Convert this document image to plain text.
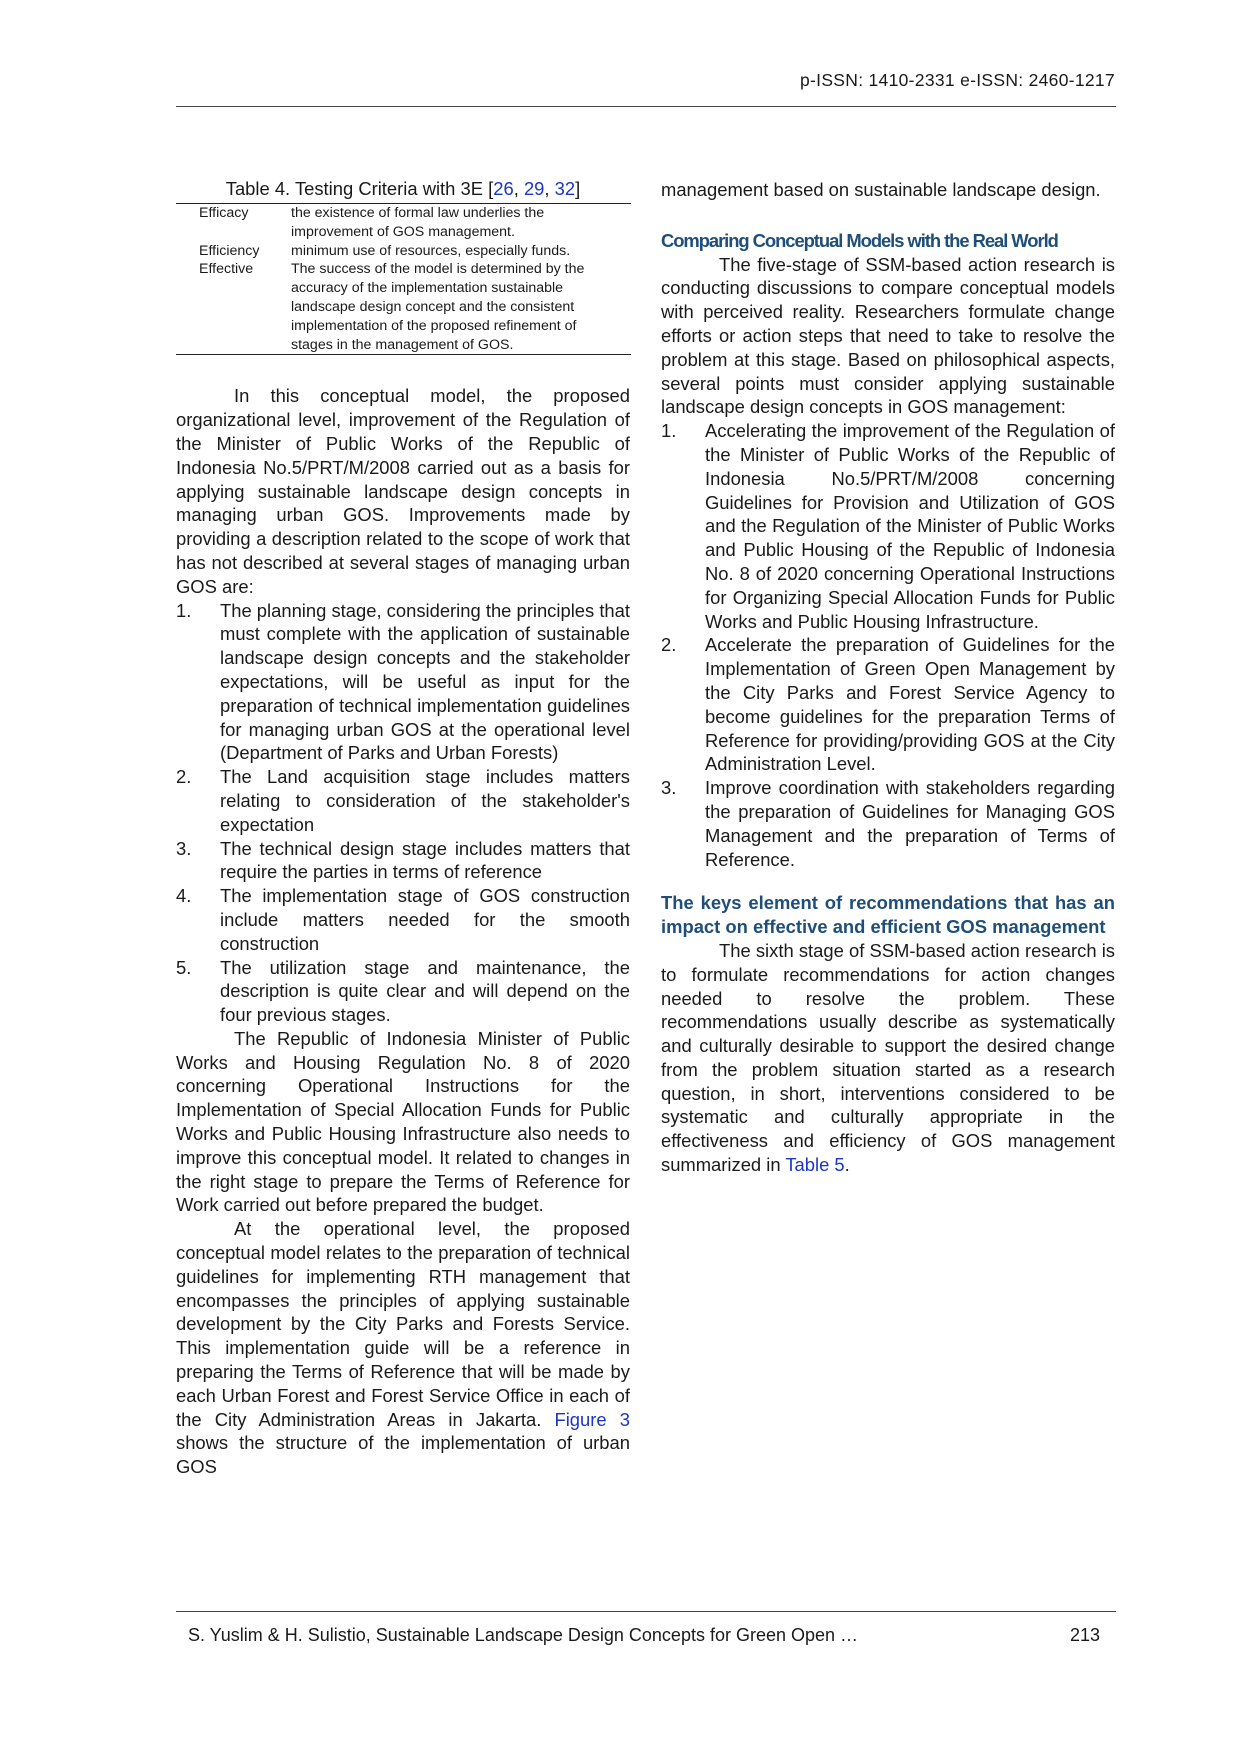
p-ISSN: 1410-2331 e-ISSN: 2460-1217

Table 4. Testing Criteria with 3E [26, 29, 32]

Efficacy	the existence of formal law underlies the improvement of GOS management.
Efficiency	minimum use of resources, especially funds.
Effective	The success of the model is determined by the accuracy of the implementation sustainable landscape design concept and the consistent implementation of the proposed refinement of stages in the management of GOS.

In this conceptual model, the proposed organizational level, improvement of the Regulation of the Minister of Public Works of the Republic of Indonesia No.5/PRT/M/2008 carried out as a basis for applying sustainable landscape design concepts in managing urban GOS. Improvements made by providing a description related to the scope of work that has not described at several stages of managing urban GOS are:

1. The planning stage, considering the principles that must complete with the application of sustainable landscape design concepts and the stakeholder expectations, will be useful as input for the preparation of technical implementation guidelines for managing urban GOS at the operational level (Department of Parks and Urban Forests)
2. The Land acquisition stage includes matters relating to consideration of the stakeholder's expectation
3. The technical design stage includes matters that require the parties in terms of reference
4. The implementation stage of GOS construction include matters needed for the smooth construction
5. The utilization stage and maintenance, the description is quite clear and will depend on the four previous stages.

The Republic of Indonesia Minister of Public Works and Housing Regulation No. 8 of 2020 concerning Operational Instructions for the Implementation of Special Allocation Funds for Public Works and Public Housing Infrastructure also needs to improve this conceptual model. It related to changes in the right stage to prepare the Terms of Reference for Work carried out before prepared the budget.

At the operational level, the proposed conceptual model relates to the preparation of technical guidelines for implementing RTH management that encompasses the principles of applying sustainable development by the City Parks and Forests Service. This implementation guide will be a reference in preparing the Terms of Reference that will be made by each Urban Forest and Forest Service Office in each of the City Administration Areas in Jakarta. Figure 3 shows the structure of the implementation of urban GOS

management based on sustainable landscape design.

Comparing Conceptual Models with the Real World

The five-stage of SSM-based action research is conducting discussions to compare conceptual models with perceived reality. Researchers formulate change efforts or action steps that need to take to resolve the problem at this stage. Based on philosophical aspects, several points must consider applying sustainable landscape design concepts in GOS management:

1. Accelerating the improvement of the Regulation of the Minister of Public Works of the Republic of Indonesia No.5/PRT/M/2008 concerning Guidelines for Provision and Utilization of GOS and the Regulation of the Minister of Public Works and Public Housing of the Republic of Indonesia No. 8 of 2020 concerning Operational Instructions for Organizing Special Allocation Funds for Public Works and Public Housing Infrastructure.
2. Accelerate the preparation of Guidelines for the Implementation of Green Open Management by the City Parks and Forest Service Agency to become guidelines for the preparation Terms of Reference for providing/providing GOS at the City Administration Level.
3. Improve coordination with stakeholders regarding the preparation of Guidelines for Managing GOS Management and the preparation of Terms of Reference.

The keys element of recommendations that has an impact on effective and efficient GOS management

The sixth stage of SSM-based action research is to formulate recommendations for action changes needed to resolve the problem. These recommendations usually describe as systematically and culturally desirable to support the desired change from the problem situation started as a research question, in short, interventions considered to be systematic and culturally appropriate in the effectiveness and efficiency of GOS management summarized in Table 5.

S. Yuslim & H. Sulistio, Sustainable Landscape Design Concepts for Green Open …	213
